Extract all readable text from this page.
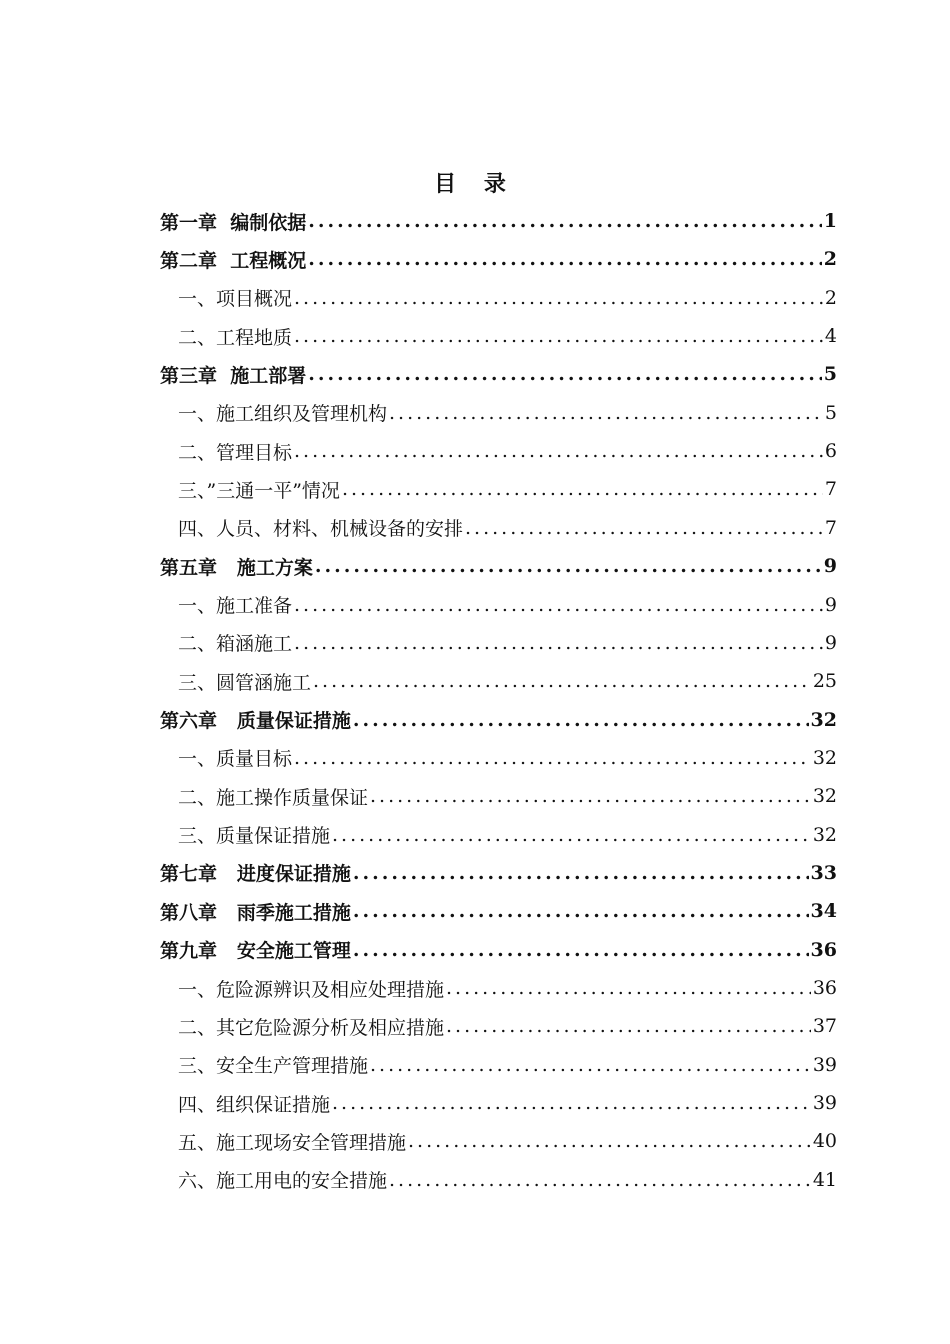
目 录
第一章  编制依据 .....	1
第二章  工程概况 .....	2
一、项目概况 .....	2
二、工程地质 .....	4
第三章  施工部署 .....	5
一、施工组织及管理机构 .....	5
二、管理目标 .....	6
三、”三通一平”情况 .....	7
四、人员、材料、机械设备的安排 .....	7
第五章   施工方案 .....	9
一、施工准备 .....	9
二、箱涵施工 .....	9
三、圆管涵施工 .....	25
第六章   质量保证措施 .....	32
一、质量目标 .....	32
二、施工操作质量保证 .....	32
三、质量保证措施 .....	32
第七章   进度保证措施 .....	33
第八章   雨季施工措施 .....	34
第九章   安全施工管理 .....	36
一、危险源辨识及相应处理措施 .....	36
二、其它危险源分析及相应措施 .....	37
三、安全生产管理措施 .....	39
四、组织保证措施 .....	39
五、施工现场安全管理措施 .....	40
六、施工用电的安全措施 .....	41
